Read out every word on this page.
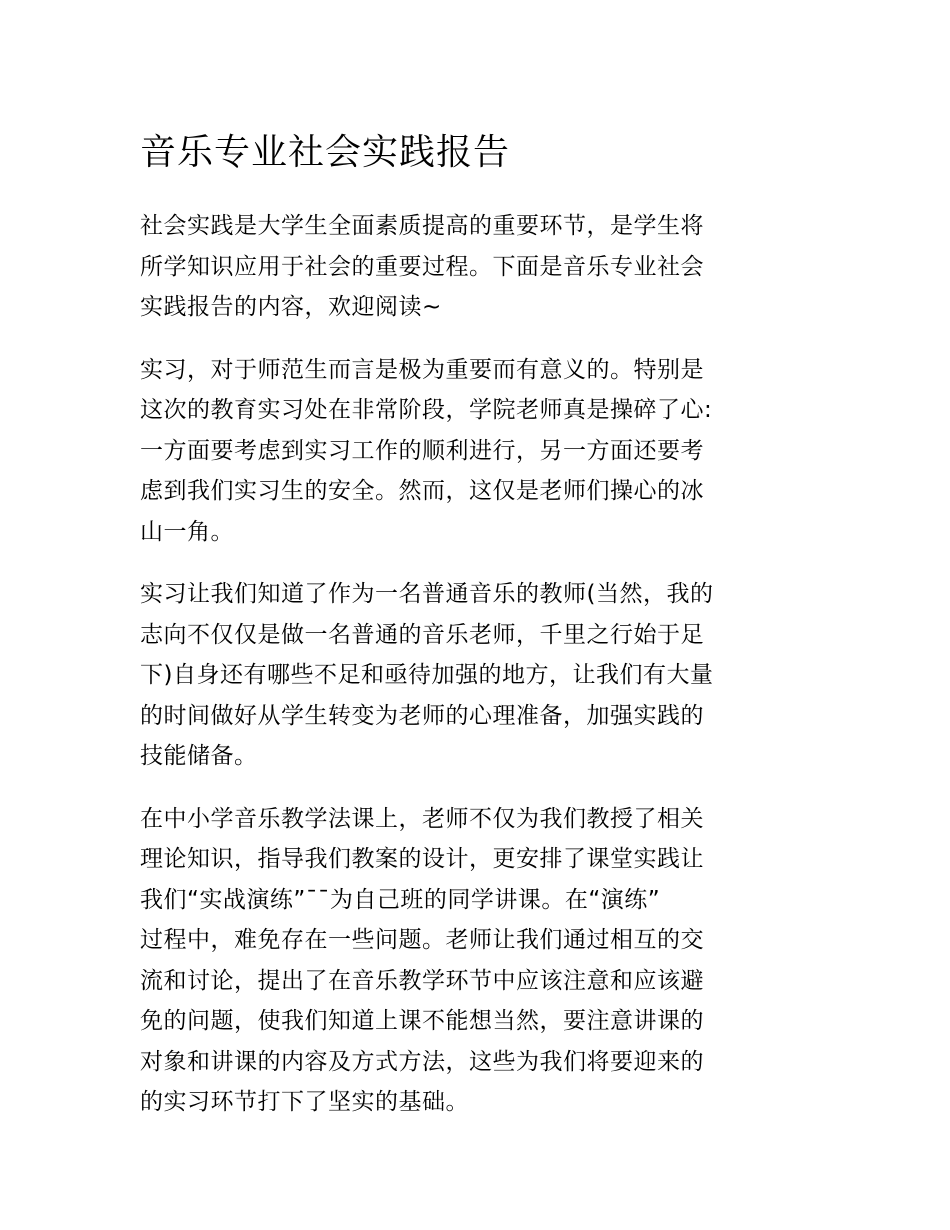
音乐专业社会实践报告

社会实践是大学生全面素质提高的重要环节，是学生将
所学知识应用于社会的重要过程。下面是音乐专业社会
实践报告的内容，欢迎阅读~

实习，对于师范生而言是极为重要而有意义的。特别是
这次的教育实习处在非常阶段，学院老师真是操碎了心:
一方面要考虑到实习工作的顺利进行，另一方面还要考
虑到我们实习生的安全。然而，这仅是老师们操心的冰
山一角。

实习让我们知道了作为一名普通音乐的教师(当然，我的
志向不仅仅是做一名普通的音乐老师，千里之行始于足
下)自身还有哪些不足和亟待加强的地方，让我们有大量
的时间做好从学生转变为老师的心理准备，加强实践的
技能储备。

在中小学音乐教学法课上，老师不仅为我们教授了相关
理论知识，指导我们教案的设计，更安排了课堂实践让
我们“实战演练”¯¯为自己班的同学讲课。在“演练”
过程中，难免存在一些问题。老师让我们通过相互的交
流和讨论，提出了在音乐教学环节中应该注意和应该避
免的问题，使我们知道上课不能想当然，要注意讲课的
对象和讲课的内容及方式方法，这些为我们将要迎来的
的实习环节打下了坚实的基础。
